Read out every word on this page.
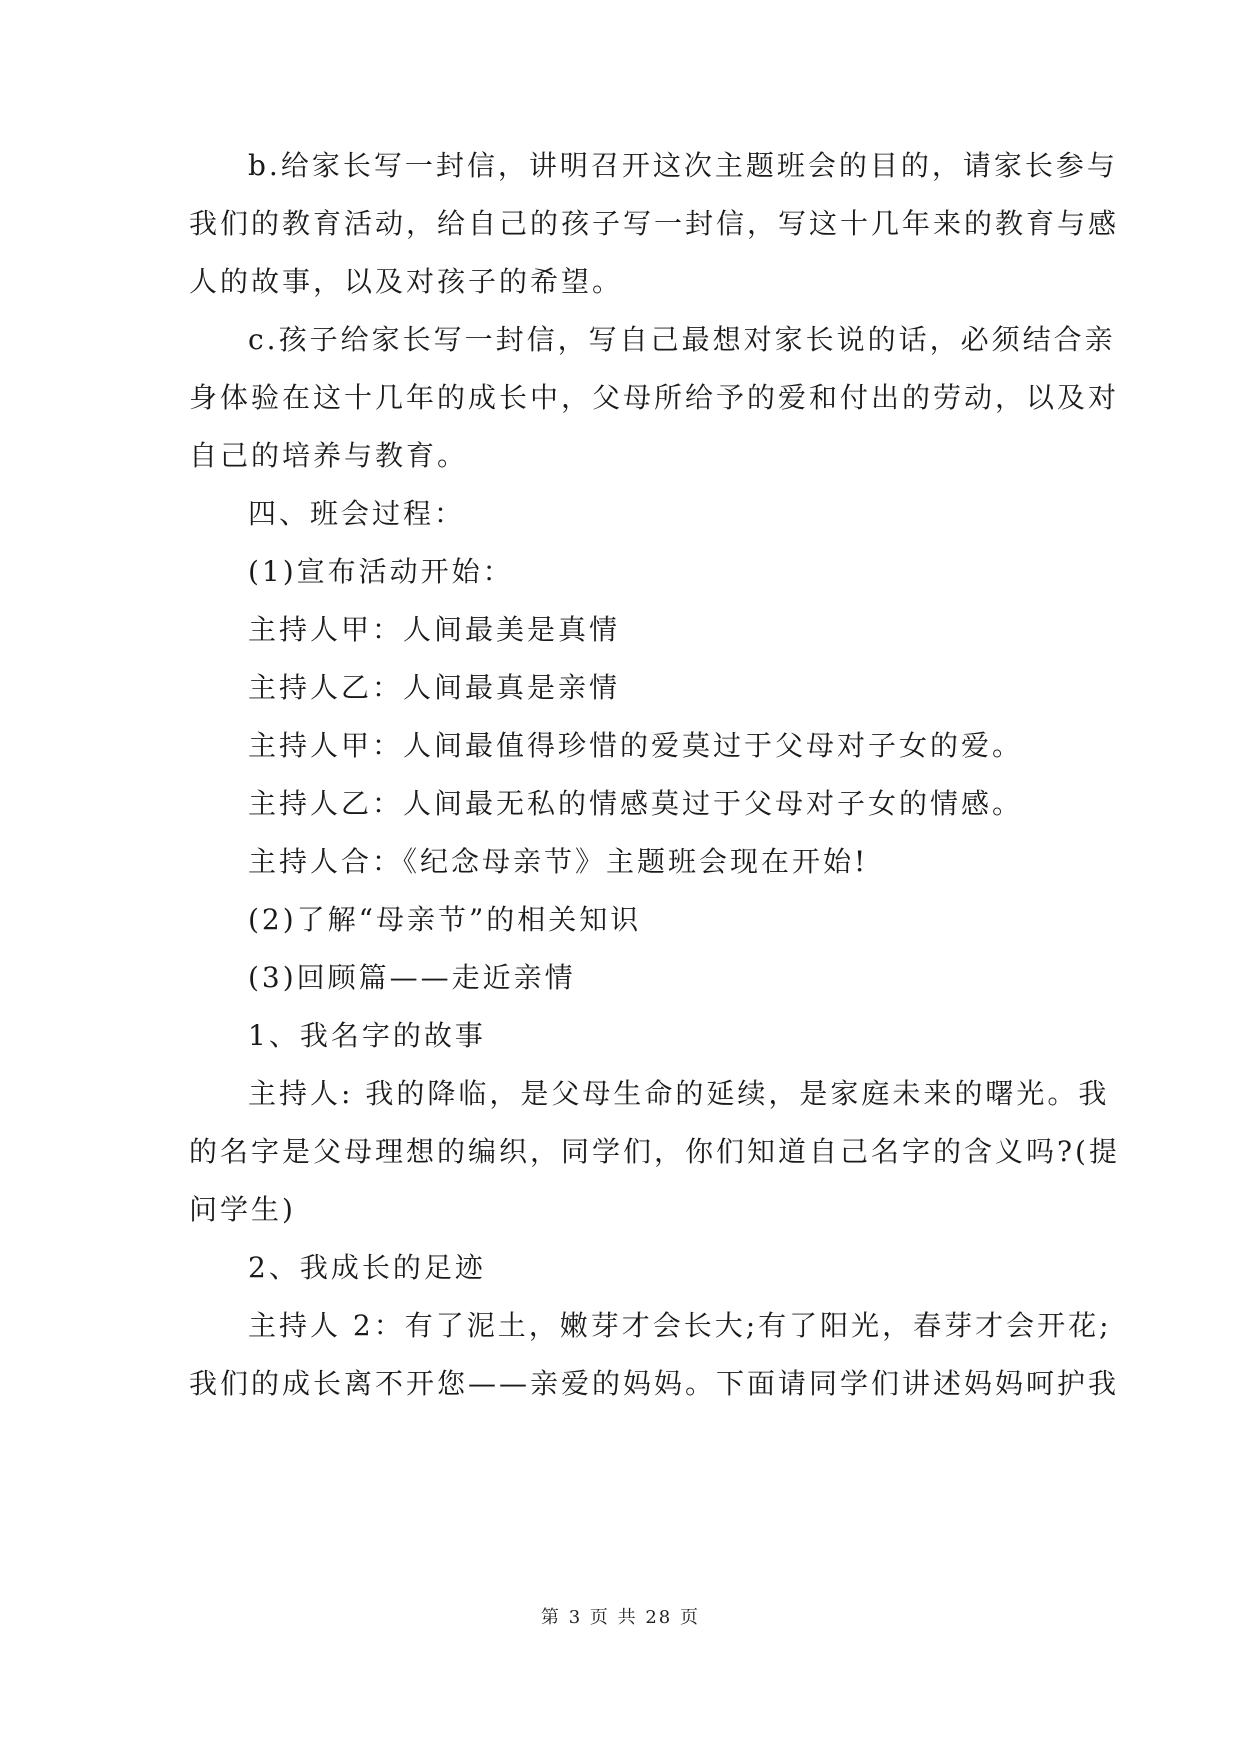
b.给家长写一封信，讲明召开这次主题班会的目的，请家长参与
我们的教育活动，给自己的孩子写一封信，写这十几年来的教育与感
人的故事，以及对孩子的希望。
c.孩子给家长写一封信，写自己最想对家长说的话，必须结合亲
身体验在这十几年的成长中，父母所给予的爱和付出的劳动，以及对
自己的培养与教育。
四、班会过程：
(1)宣布活动开始：
主持人甲：人间最美是真情
主持人乙：人间最真是亲情
主持人甲：人间最值得珍惜的爱莫过于父母对子女的爱。
主持人乙：人间最无私的情感莫过于父母对子女的情感。
主持人合：《纪念母亲节》主题班会现在开始!
(2)了解“母亲节”的相关知识
(3)回顾篇——走近亲情
1、我名字的故事
主持人: 我的降临，是父母生命的延续，是家庭未来的曙光。我
的名字是父母理想的编织，同学们，你们知道自己名字的含义吗?(提
问学生)
2、我成长的足迹
主持人 2：有了泥土，嫩芽才会长大;有了阳光，春芽才会开花;
我们的成长离不开您——亲爱的妈妈。下面请同学们讲述妈妈呵护我
第 3 页 共 28 页
